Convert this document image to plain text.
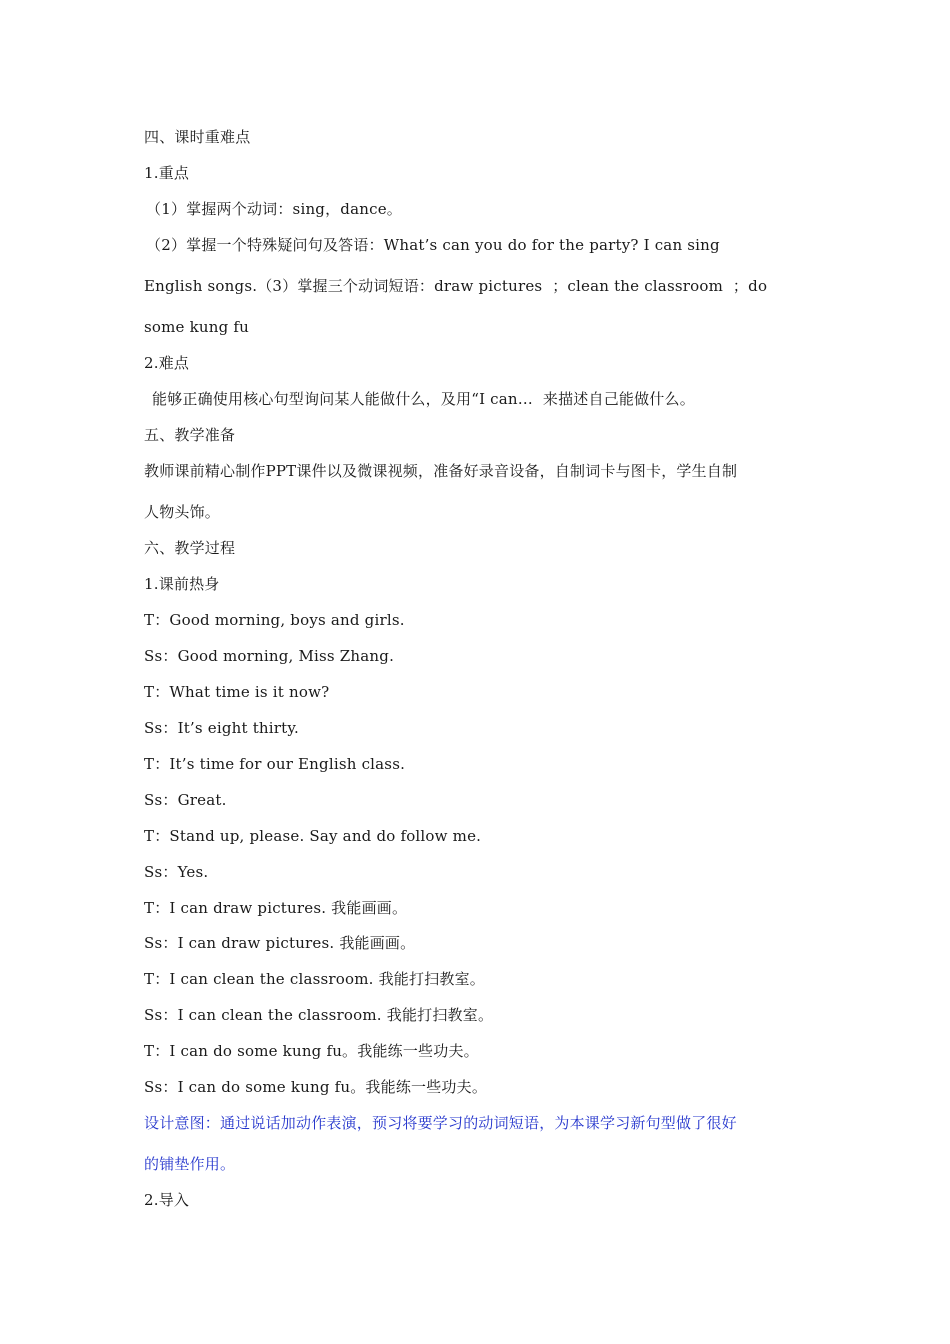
四、课时重难点
1.重点
（1）掌握两个动词：sing，dance。
（2）掌握一个特殊疑问句及答语：What’s can you do for the party? I can sing
English songs.（3）掌握三个动词短语：draw pictures  ；clean the classroom  ；do
some kung fu
2.难点
能够正确使用核心句型询问某人能做什么，及用“I can…  来描述自己能做什么。
五、教学准备
教师课前精心制作PPT课件以及微课视频，准备好录音设备，自制词卡与图卡，学生自制
人物头饰。
六、教学过程
1.课前热身
T：Good morning, boys and girls.
Ss：Good morning, Miss Zhang.
T：What time is it now?
Ss：It’s eight thirty.
T：It’s time for our English class.
Ss：Great.
T：Stand up, please. Say and do follow me.
Ss：Yes.
T：I can draw pictures. 我能画画。
Ss：I can draw pictures. 我能画画。
T：I can clean the classroom. 我能打扫教室。
Ss：I can clean the classroom. 我能打扫教室。
T：I can do some kung fu。我能练一些功夫。
Ss：I can do some kung fu。我能练一些功夫。
设计意图：通过说话加动作表演，预习将要学习的动词短语，为本课学习新句型做了很好
的铺垫作用。
2.导入
